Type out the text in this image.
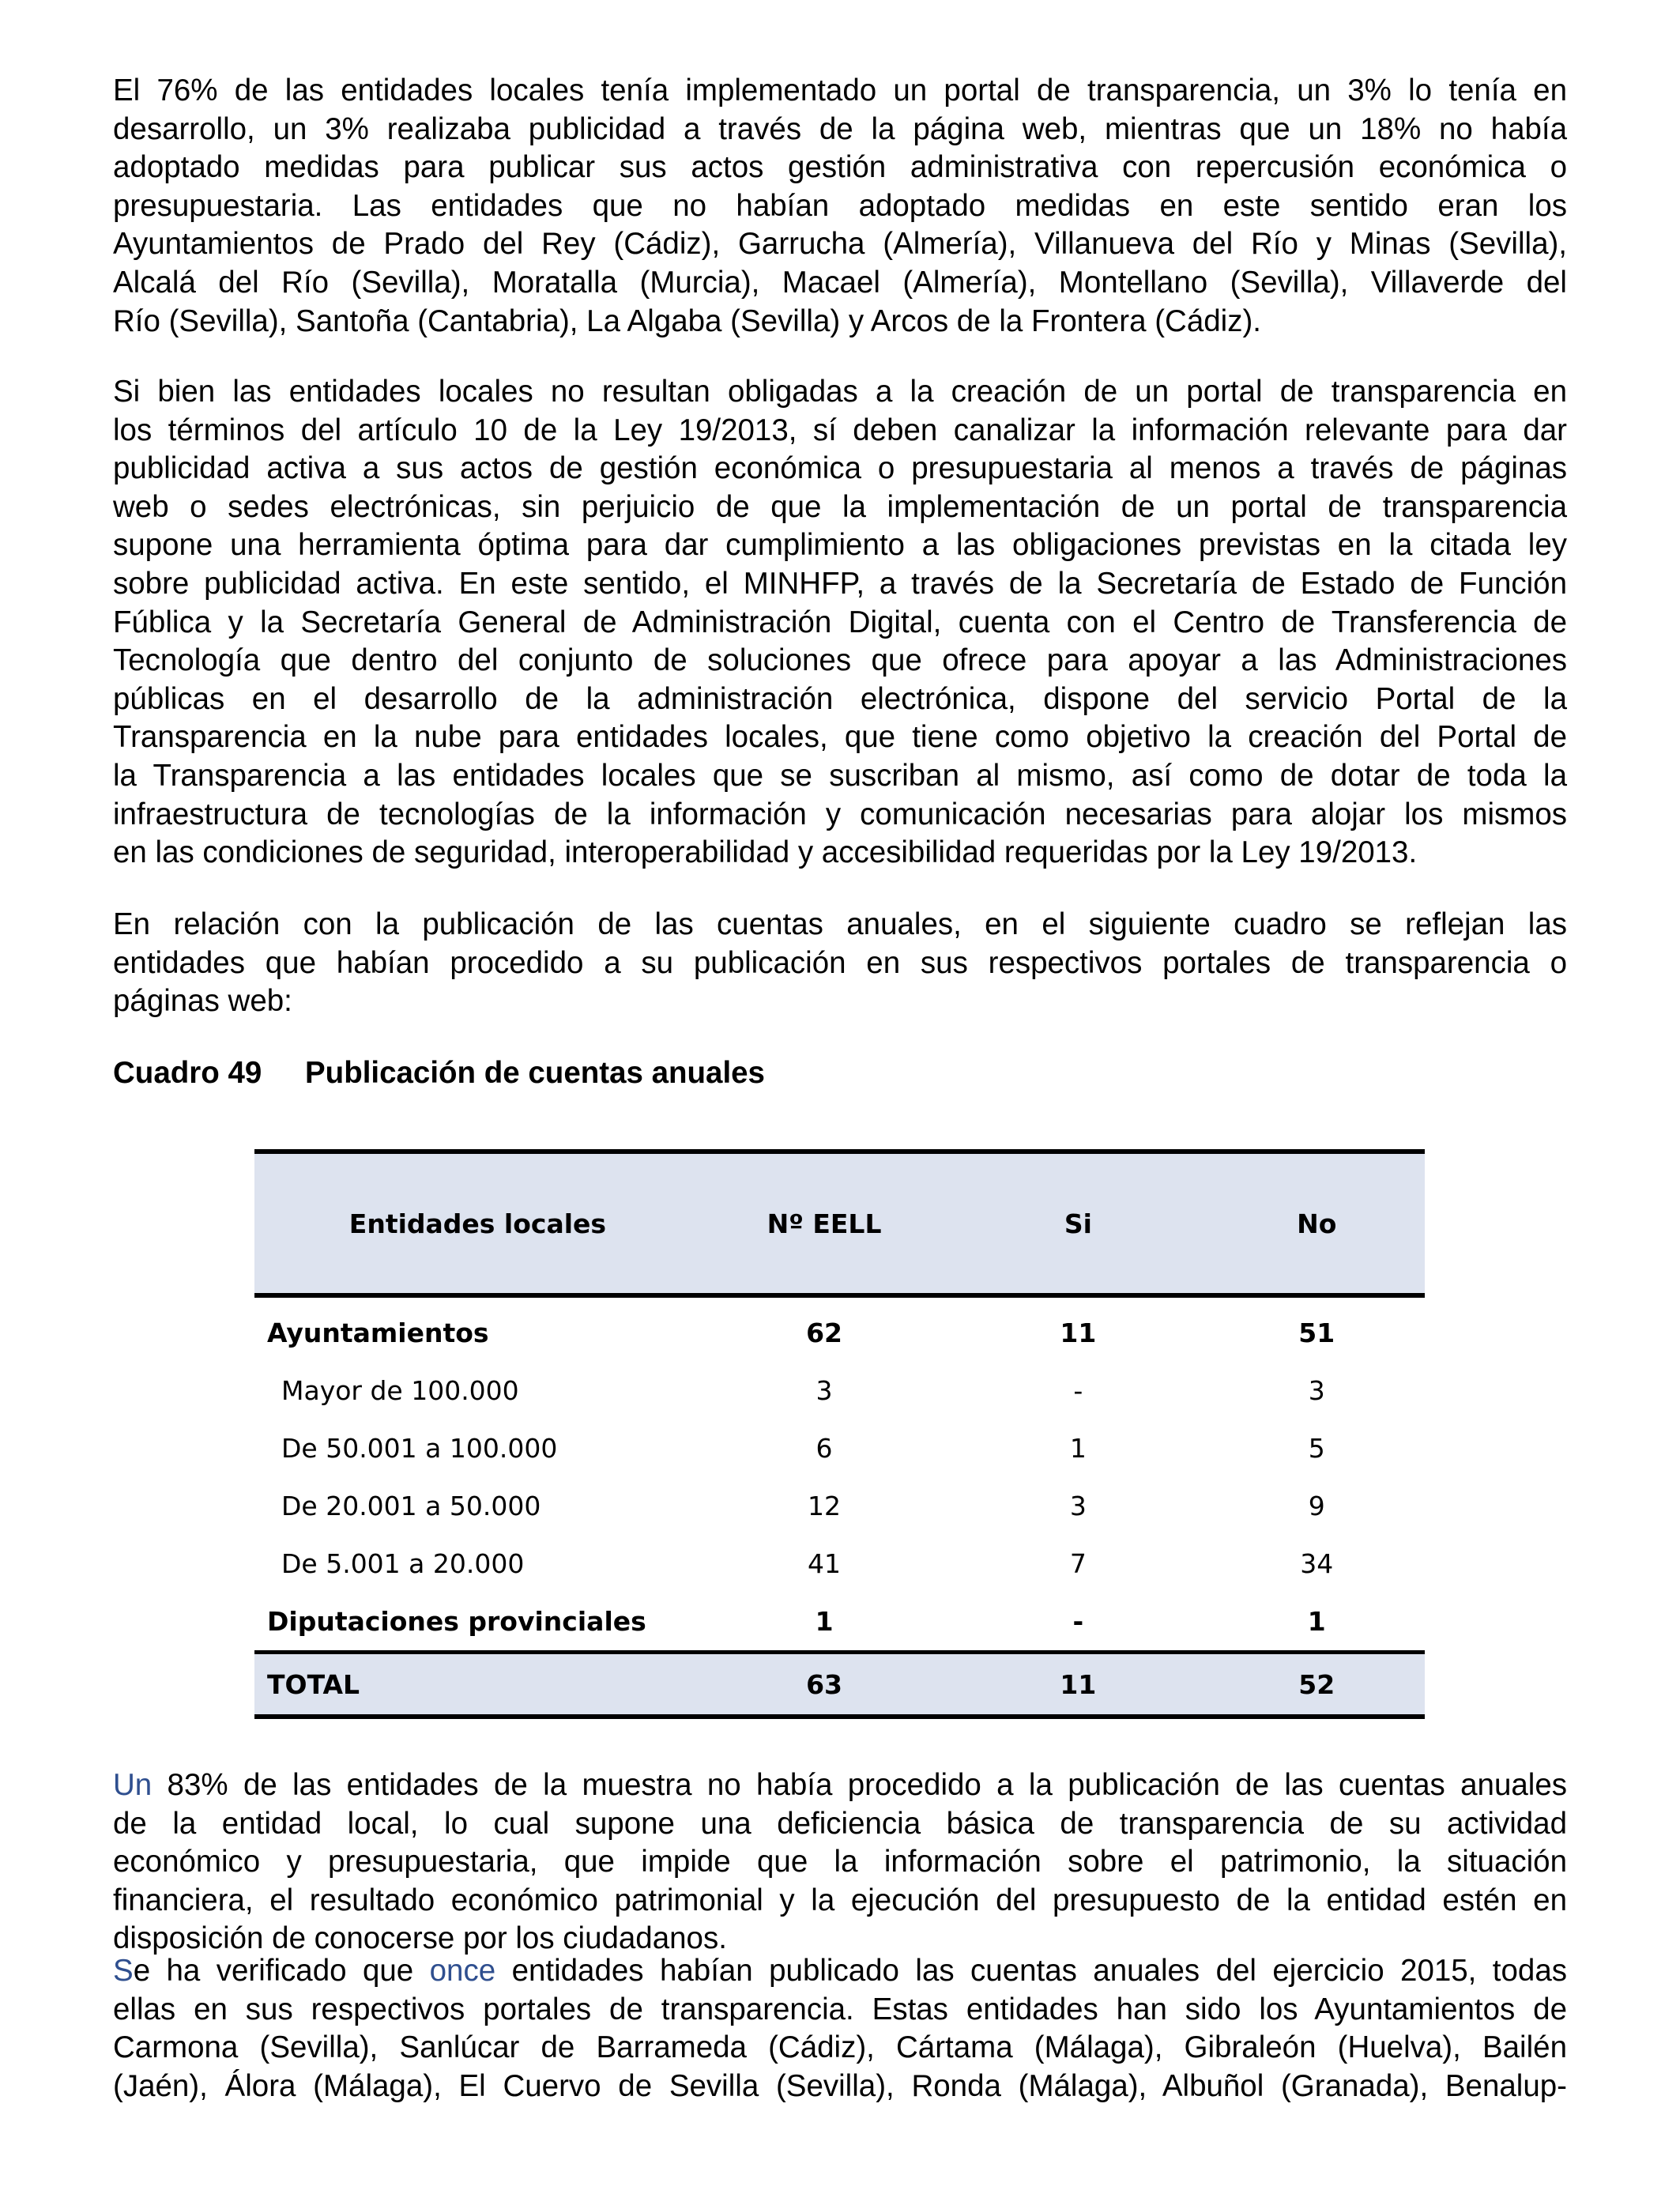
El 76% de las entidades locales tenía implementado un portal de transparencia, un 3% lo tenía en
desarrollo, un 3% realizaba publicidad a través de la página web, mientras que un 18% no había
adoptado medidas para publicar sus actos gestión administrativa con repercusión económica o
presupuestaria. Las entidades que no habían adoptado medidas en este sentido eran los
Ayuntamientos de Prado del Rey (Cádiz), Garrucha (Almería), Villanueva del Río y Minas (Sevilla),
Alcalá del Río (Sevilla), Moratalla (Murcia), Macael (Almería), Montellano (Sevilla), Villaverde del
Río (Sevilla), Santoña (Cantabria), La Algaba (Sevilla) y Arcos de la Frontera (Cádiz).
Si bien las entidades locales no resultan obligadas a la creación de un portal de transparencia en
los términos del artículo 10 de la Ley 19/2013, sí deben canalizar la información relevante para dar
publicidad activa a sus actos de gestión económica o presupuestaria al menos a través de páginas
web o sedes electrónicas, sin perjuicio de que la implementación de un portal de transparencia
supone una herramienta óptima para dar cumplimiento a las obligaciones previstas en la citada ley
sobre publicidad activa. En este sentido, el MINHFP, a través de la Secretaría de Estado de Función
Fública y la Secretaría General de Administración Digital, cuenta con el Centro de Transferencia de
Tecnología que dentro del conjunto de soluciones que ofrece para apoyar a las Administraciones
públicas en el desarrollo de la administración electrónica, dispone del servicio Portal de la
Transparencia en la nube para entidades locales, que tiene como objetivo la creación del Portal de
la Transparencia a las entidades locales que se suscriban al mismo, así como de dotar de toda la
infraestructura de tecnologías de la información y comunicación necesarias para alojar los mismos
en las condiciones de seguridad, interoperabilidad y accesibilidad requeridas por la Ley 19/2013.
En relación con la publicación de las cuentas anuales, en el siguiente cuadro se reflejan las
entidades que habían procedido a su publicación en sus respectivos portales de transparencia o
páginas web:

Cuadro 49 Publicación de cuentas anuales

Entidades locales	Nº EELL	Si	No
Ayuntamientos	62	11	51
Mayor de 100.000	3	-	3
De 50.001 a 100.000	6	1	5
De 20.001 a 50.000	12	3	9
De 5.001 a 20.000	41	7	34
Diputaciones provinciales	1	-	1
TOTAL	63	11	52
Un 83% de las entidades de la muestra no había procedido a la publicación de las cuentas anuales
de la entidad local, lo cual supone una deficiencia básica de transparencia de su actividad
económico y presupuestaria, que impide que la información sobre el patrimonio, la situación
financiera, el resultado económico patrimonial y la ejecución del presupuesto de la entidad estén en
disposición de conocerse por los ciudadanos.
Se ha verificado que once entidades habían publicado las cuentas anuales del ejercicio 2015, todas
ellas en sus respectivos portales de transparencia. Estas entidades han sido los Ayuntamientos de
Carmona (Sevilla), Sanlúcar de Barrameda (Cádiz), Cártama (Málaga), Gibraleón (Huelva), Bailén
(Jaén), Álora (Málaga), El Cuervo de Sevilla (Sevilla), Ronda (Málaga), Albuñol (Granada), Benalup-
